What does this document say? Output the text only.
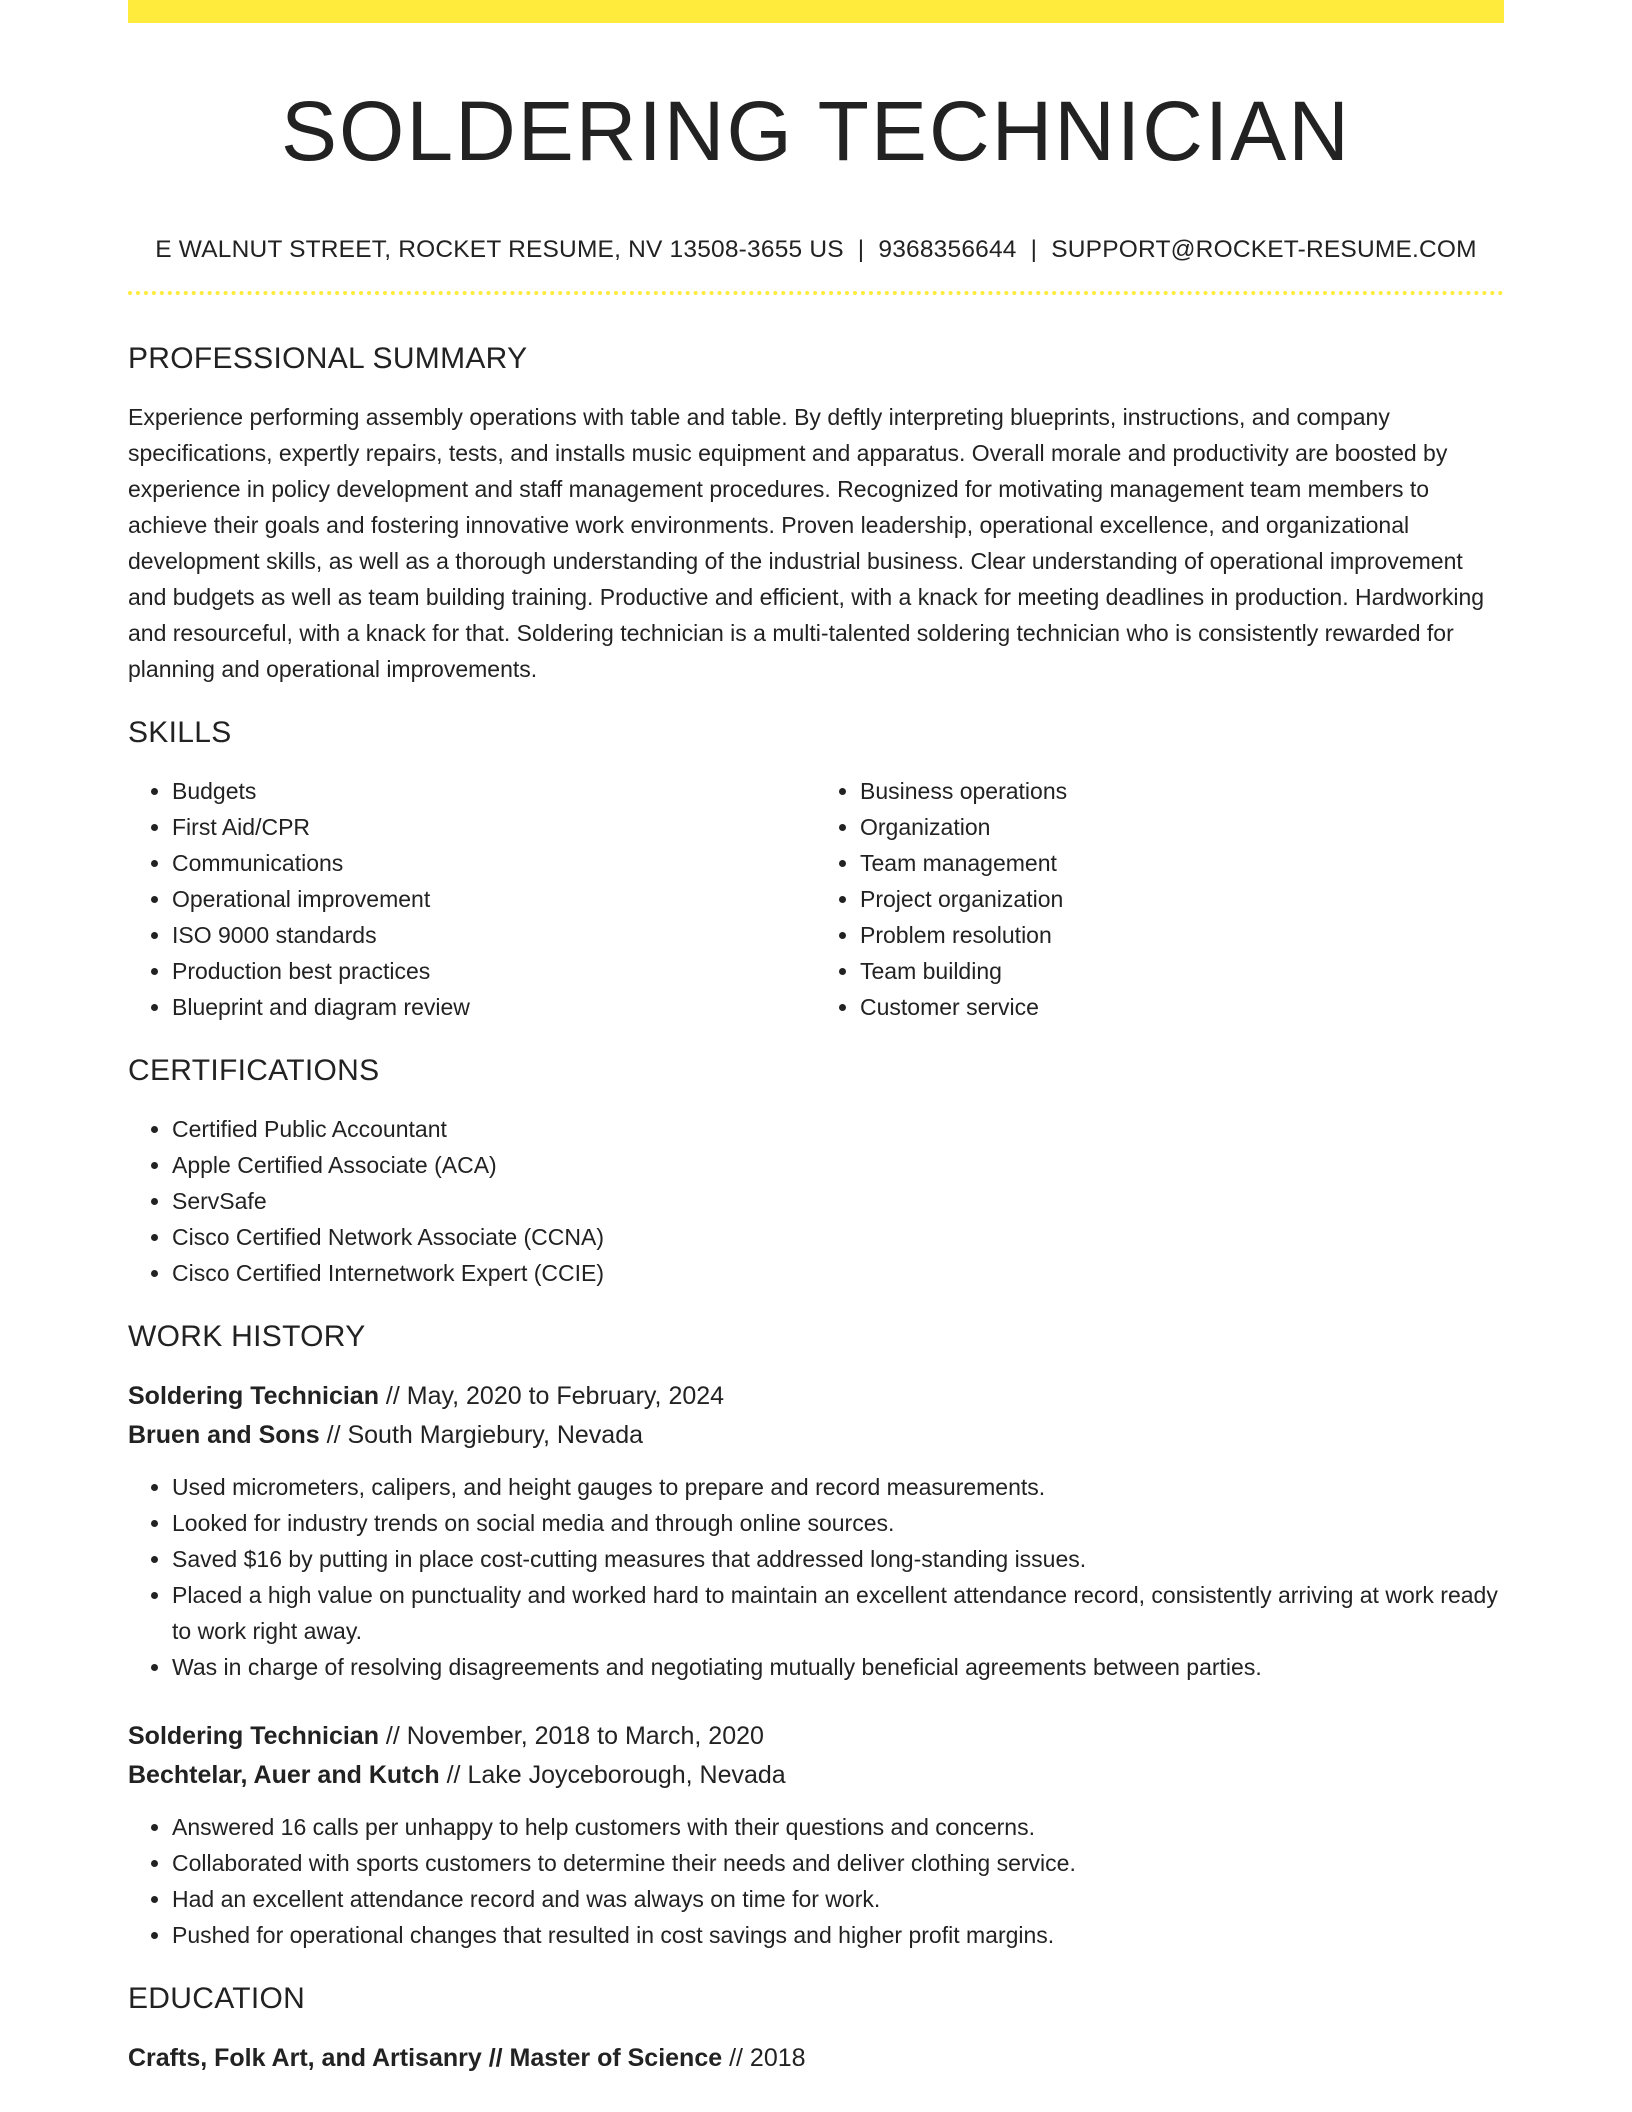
SOLDERING TECHNICIAN
E WALNUT STREET, ROCKET RESUME, NV 13508-3655 US | 9368356644 | SUPPORT@ROCKET-RESUME.COM
PROFESSIONAL SUMMARY

Experience performing assembly operations with table and table. By deftly interpreting blueprints, instructions, and company specifications, expertly repairs, tests, and installs music equipment and apparatus. Overall morale and productivity are boosted by experience in policy development and staff management procedures. Recognized for motivating management team members to achieve their goals and fostering innovative work environments. Proven leadership, operational excellence, and organizational development skills, as well as a thorough understanding of the industrial business. Clear understanding of operational improvement and budgets as well as team building training. Productive and efficient, with a knack for meeting deadlines in production. Hardworking and resourceful, with a knack for that. Soldering technician is a multi-talented soldering technician who is consistently rewarded for planning and operational improvements.

SKILLS
• Budgets
• First Aid/CPR
• Communications
• Operational improvement
• ISO 9000 standards
• Production best practices
• Blueprint and diagram review
• Business operations
• Organization
• Team management
• Project organization
• Problem resolution
• Team building
• Customer service
CERTIFICATIONS
• Certified Public Accountant
• Apple Certified Associate (ACA)
• ServSafe
• Cisco Certified Network Associate (CCNA)
• Cisco Certified Internetwork Expert (CCIE)
WORK HISTORY
Soldering Technician // May, 2020 to February, 2024
Bruen and Sons // South Margiebury, Nevada
• Used micrometers, calipers, and height gauges to prepare and record measurements.
• Looked for industry trends on social media and through online sources.
• Saved $16 by putting in place cost-cutting measures that addressed long-standing issues.
• Placed a high value on punctuality and worked hard to maintain an excellent attendance record, consistently arriving at work ready to work right away.
• Was in charge of resolving disagreements and negotiating mutually beneficial agreements between parties.
Soldering Technician // November, 2018 to March, 2020
Bechtelar, Auer and Kutch // Lake Joyceborough, Nevada
• Answered 16 calls per unhappy to help customers with their questions and concerns.
• Collaborated with sports customers to determine their needs and deliver clothing service.
• Had an excellent attendance record and was always on time for work.
• Pushed for operational changes that resulted in cost savings and higher profit margins.
EDUCATION
Crafts, Folk Art, and Artisanry // Master of Science // 2018
